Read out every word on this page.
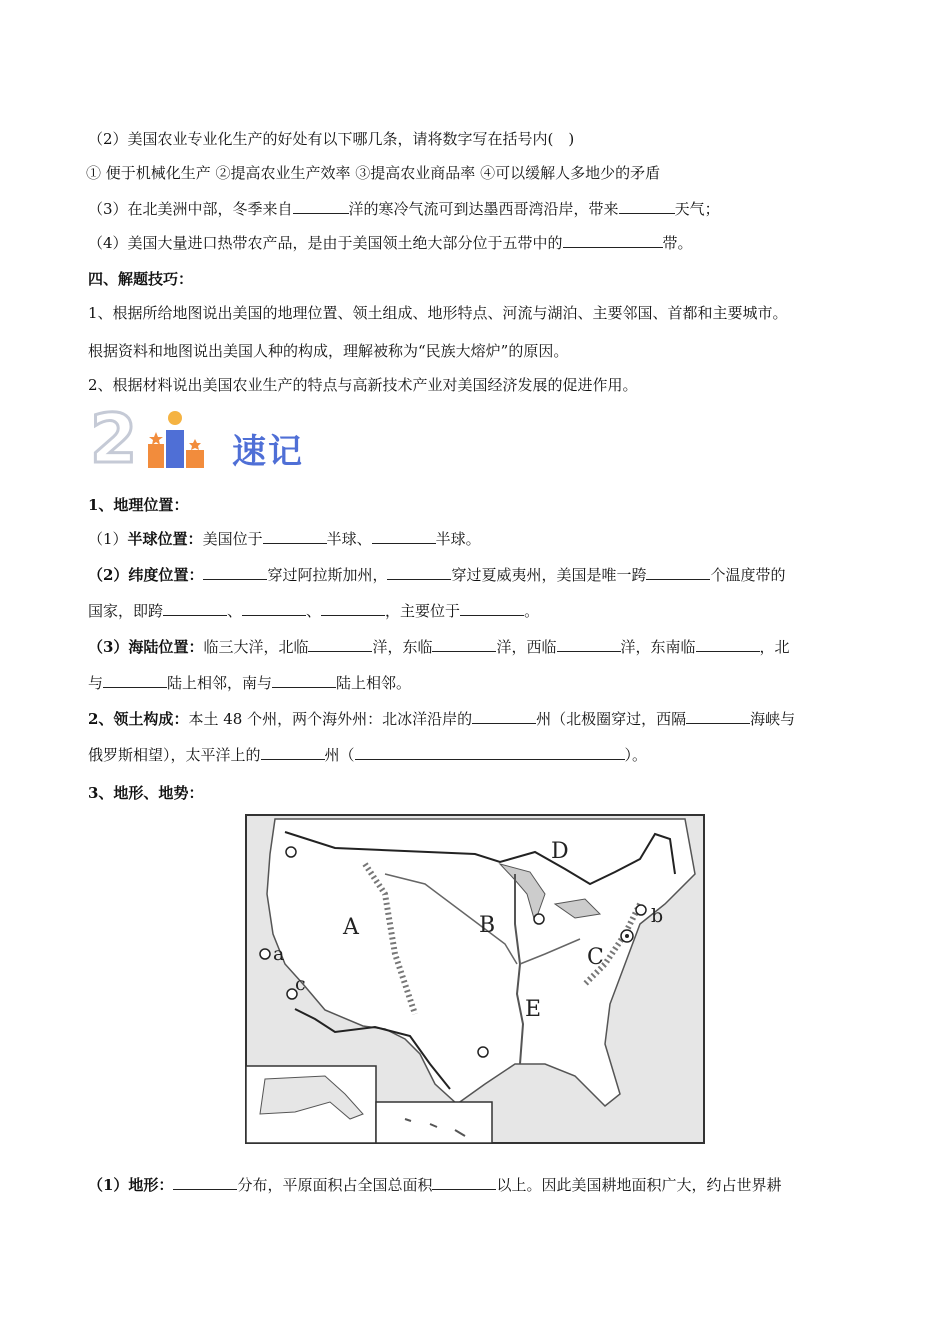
（2）美国农业专业化生产的好处有以下哪几条，请将数字写在括号内(　)
① 便于机械化生产 ②提高农业生产效率 ③提高农业商品率 ④可以缓解人多地少的矛盾
（3）在北美洲中部，冬季来自	洋的寒冷气流可到达墨西哥湾沿岸，带来	天气；
（4）美国大量进口热带农产品，是由于美国领土绝大部分位于五带中的	带。
四、解题技巧：
1、根据所给地图说出美国的地理位置、领土组成、地形特点、河流与湖泊、主要邻国、首都和主要城市。
根据资料和地图说出美国人种的构成，理解被称为“民族大熔炉”的原因。
2、根据材料说出美国农业生产的特点与高新技术产业对美国经济发展的促进作用。
2	速记
1、地理位置：
（1）半球位置：美国位于	半球、	半球。
（2）纬度位置：	穿过阿拉斯加州，	穿过夏威夷州，美国是唯一跨	个温度带的
国家，即跨	、	、	，主要位于	。
（3）海陆位置：临三大洋，北临	洋，东临	洋，西临	洋，东南临	，北
与	陆上相邻，南与	陆上相邻。
2、领土构成：本土 48 个州，两个海外州：北冰洋沿岸的	州（北极圈穿过，西隔	海峡与
俄罗斯相望），太平洋上的	州（	）。
3、地形、地势：
A	B
C
D
E
a
b
c
（1）地形：	分布，平原面积占全国总面积	以上。因此美国耕地面积广大，约占世界耕
